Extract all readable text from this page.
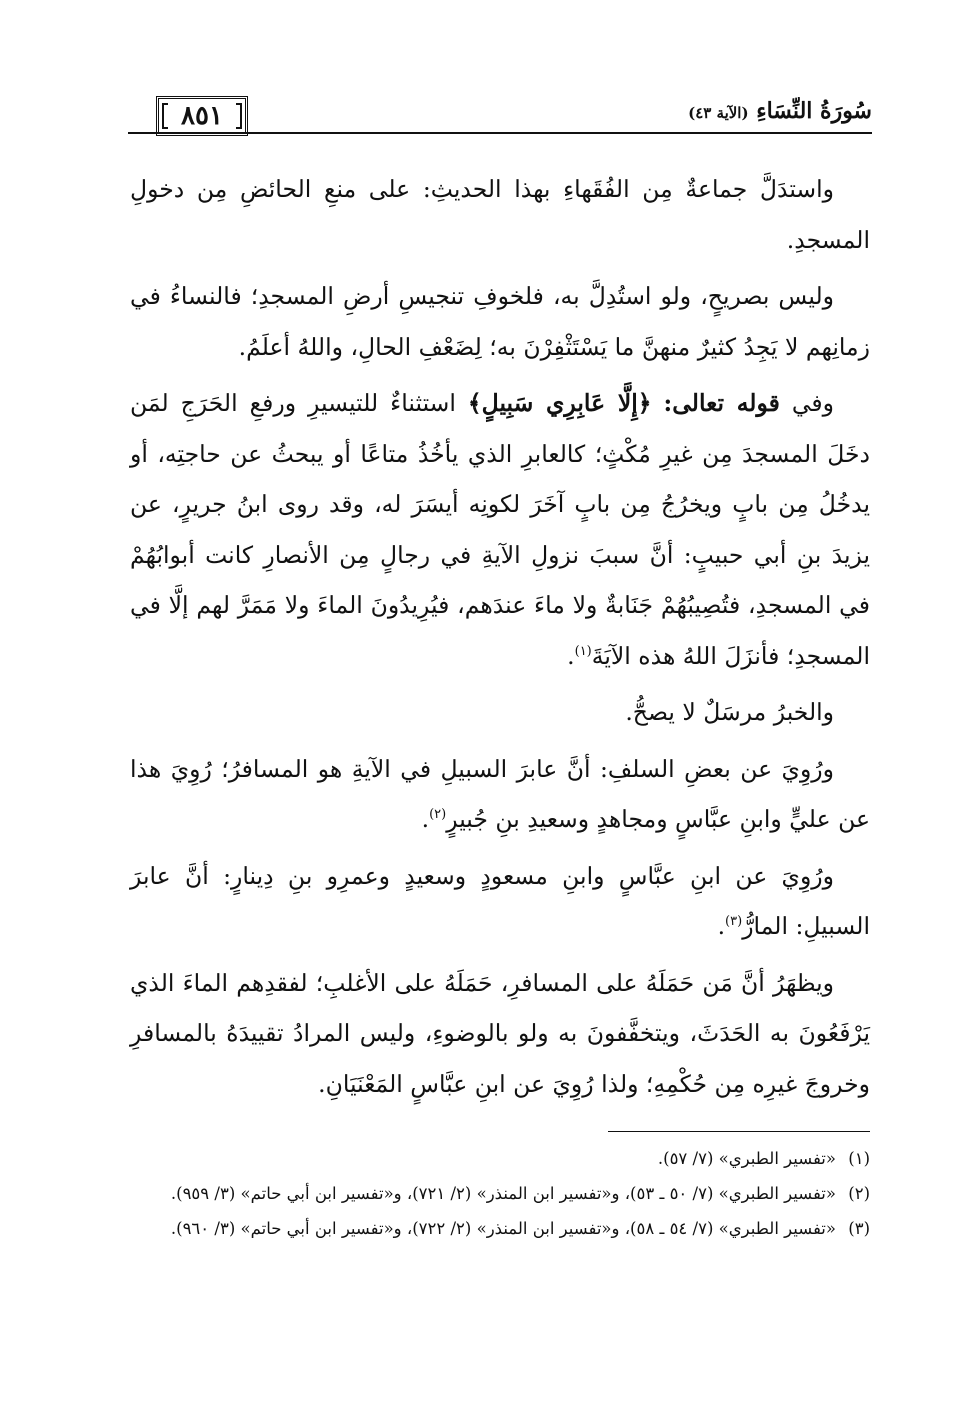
سُورَةُ النِّسَاءِ (الآية ٤٣)
٨٥١

واستدَلَّ جماعةٌ مِن الفُقَهاءِ بهذا الحديثِ: على منعِ الحائضِ مِن دخولِ المسجدِ.

وليس بصريحٍ، ولو استُدِلَّ به، فلخوفِ تنجيسِ أرضِ المسجدِ؛ فالنساءُ في زمانِهم لا يَجِدُ كثيرٌ منهنَّ ما يَسْتَثْفِرْنَ به؛ لِضَعْفِ الحالِ، واللهُ أعلَمُ.

وفي قوله تعالى: ﴿إِلَّا عَابِرِي سَبِيلٍ﴾ استثناءٌ للتيسيرِ ورفعِ الحَرَجِ لمَن دخَلَ المسجدَ مِن غيرِ مُكْثٍ؛ كالعابرِ الذي يأخُذُ متاعًا أو يبحثُ عن حاجتِه، أو يدخُلُ مِن بابٍ ويخرُجُ مِن بابٍ آخَرَ لكونِه أيسَرَ له، وقد روى ابنُ جريرٍ، عن يزيدَ بنِ أبي حبيبٍ: أنَّ سببَ نزولِ الآيةِ في رجالٍ مِن الأنصارِ كانت أبوابُهُمْ في المسجدِ، فتُصِيبُهُمْ جَنَابةٌ ولا ماءَ عندَهم، فيُرِيدُونَ الماءَ ولا مَمَرَّ لهم إلَّا في المسجدِ؛ فأنزَلَ اللهُ هذه الآيَةَ$^{(١)}$.

والخبرُ مرسَلٌ لا يصحُّ.

ورُوِيَ عن بعضِ السلفِ: أنَّ عابرَ السبيلِ في الآيةِ هو المسافرُ؛ رُوِيَ هذا عن عليٍّ وابنِ عبَّاسٍ ومجاهدٍ وسعيدِ بنِ جُبيرٍ$^{(٢)}$.

ورُوِيَ عن ابنِ عبَّاسٍ وابنِ مسعودٍ وسعيدٍ وعمرِو بنِ دِينارٍ: أنَّ عابرَ السبيلِ: المارُّ$^{(٣)}$.

ويظهَرُ أنَّ مَن حَمَلَهُ على المسافرِ، حَمَلَهُ على الأغلبِ؛ لفقدِهم الماءَ الذي يَرْفَعُونَ به الحَدَثَ، ويتخفَّفونَ به ولو بالوضوءِ، وليس المرادُ تقييدَهُ بالمسافرِ وخروجَ غيرِه مِن حُكْمِهِ؛ ولذا رُوِيَ عن ابنِ عبَّاسٍ المَعْنَيَانِ.

(١)
«تفسير الطبري» (٧/ ٥٧).
(٢)
«تفسير الطبري» (٧/ ٥٠ ـ ٥٣)، و«تفسير ابن المنذر» (٢/ ٧٢١)، و«تفسير ابن أبي حاتم» (٣/ ٩٥٩).
(٣)
«تفسير الطبري» (٧/ ٥٤ ـ ٥٨)، و«تفسير ابن المنذر» (٢/ ٧٢٢)، و«تفسير ابن أبي حاتم» (٣/ ٩٦٠).
